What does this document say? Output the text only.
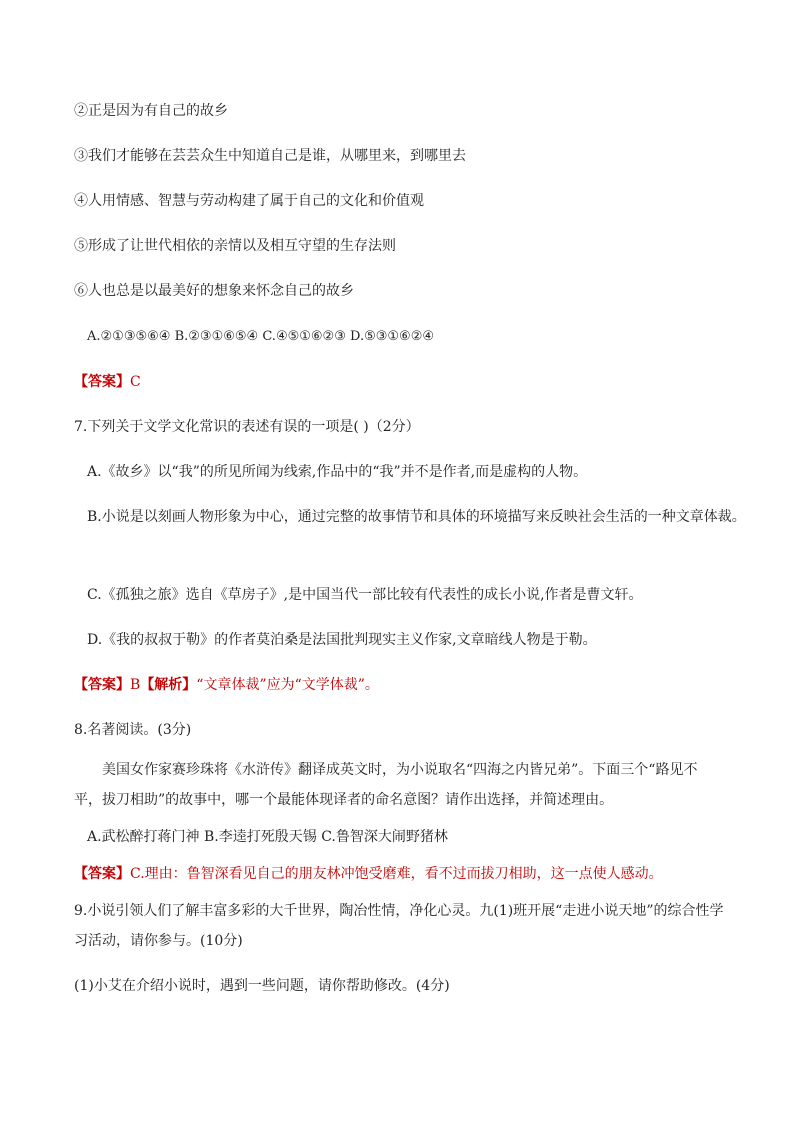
②正是因为有自己的故乡
③我们才能够在芸芸众生中知道自己是谁，从哪里来，到哪里去
④人用情感、智慧与劳动构建了属于自己的文化和价值观
⑤形成了让世代相依的亲情以及相互守望的生存法则
⑥人也总是以最美好的想象来怀念自己的故乡
A.②①③⑤⑥④ B.②③①⑥⑤④ C.④⑤①⑥②③ D.⑤③①⑥②④
【答案】C
7.下列关于文学文化常识的表述有误的一项是( )（2分）
A.《故乡》以“我”的所见所闻为线索,作品中的“我”并不是作者,而是虚构的人物。
B.小说是以刻画人物形象为中心，通过完整的故事情节和具体的环境描写来反映社会生活的一种文章体裁。
C.《孤独之旅》选自《草房子》,是中国当代一部比较有代表性的成长小说,作者是曹文轩。
D.《我的叔叔于勒》的作者莫泊桑是法国批判现实主义作家,文章暗线人物是于勒。
【答案】B【解析】“文章体裁”应为“文学体裁”。
8.名著阅读。(3分)
美国女作家赛珍珠将《水浒传》翻译成英文时，为小说取名“四海之内皆兄弟”。下面三个“路见不平，拔刀相助”的故事中，哪一个最能体现译者的命名意图？请作出选择，并简述理由。
A.武松醉打蒋门神 B.李逵打死殷天锡 C.鲁智深大闹野猪林
【答案】C.理由：鲁智深看见自己的朋友林冲饱受磨难，看不过而拔刀相助，这一点使人感动。
9.小说引领人们了解丰富多彩的大千世界，陶冶性情，净化心灵。九(1)班开展“走进小说天地”的综合性学习活动，请你参与。(10分)
(1)小艾在介绍小说时，遇到一些问题，请你帮助修改。(4分)
